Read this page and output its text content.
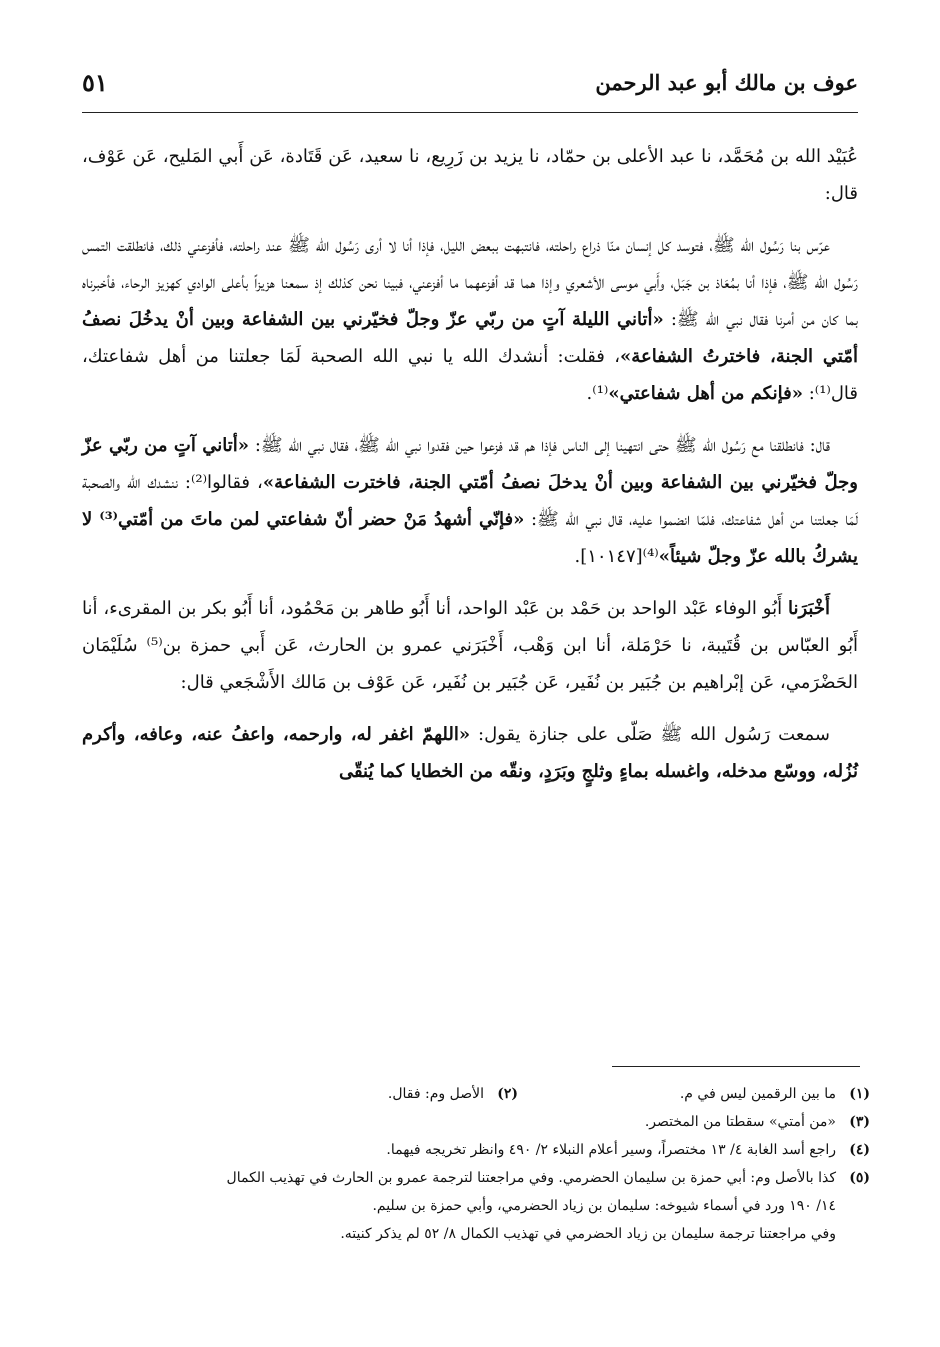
عوف بن مالك أبو عبد الرحمن
٥١

عُبَيْد الله بن مُحَمَّد، نا عبد الأعلى بن حمّاد، نا يزيد بن زَرِيع، نا سعيد، عَن قَتَادة، عَن أَبي المَليح، عَن عَوْف، قال:

عرّس بنا رَسُول الله ﷺ، فتوسد كل إنسان منّا ذراع راحلته، فانتبهت ببعض الليل، فإذا أنا لا أرى رَسُول الله ﷺ عند راحلته، فأفزعني ذلك، فانطلقت التمس رَسُول الله ﷺ، فإذا أنا بمُعَاذ بن جَبَل، وأَبي موسى الأشعري وإذا هما قد أفزعهما ما أفزعني، فبينا نحن كذلك إذ سمعنا هزيزاً بأعلى الوادي كهزيز الرحاء، فأخبرناه بما كان من أمرنا فقال نبي الله ﷺ: «أتاني الليلة آتٍ من ربّي عزّ وجلّ فخيّرني بين الشفاعة وبين أنْ يدخُلَ نصفُ أمّتي الجنة، فاخترتُ الشفاعة»، فقلت: أنشدك الله يا نبي الله الصحبة لَمَا جعلتنا من أهل شفاعتك، قال⁽¹⁾: «فإنكم من أهل شفاعتي»⁽¹⁾.

قال: فانطلقنا مع رَسُول الله ﷺ حتى انتهينا إلى الناس فإذا هم قد فزعوا حين فقدوا نبي الله ﷺ، فقال نبي الله ﷺ: «أتاني آتٍ من ربّي عزّ وجلّ فخيّرني بين الشفاعة وبين أنْ يدخلَ نصفُ أمّتي الجنة، فاخترت الشفاعة»، فقالوا⁽²⁾: ننشدك الله والصحبة لَمَا جعلتنا من أهل شفاعتك، فلمّا انضموا عليه، قال نبي الله ﷺ: «فإنّي أشهدُ مَنْ حضر أنّ شفاعتي لمن ماتَ من أمّتي⁽³⁾ لا يشركُ بالله عزّ وجلّ شيئاً»⁽⁴⁾[١٠١٤٧].

أَخْبَرَنا أَبُو الوفاء عَبْد الواحد بن حَمْد بن عَبْد الواحد، أنا أَبُو طاهر بن مَحْمُود، أنا أَبُو بكر بن المقرىء، أنا أَبُو العبّاس بن قُتَيبة، نا حَرْمَلة، أنا ابن وَهْب، أَخْبَرَني عمرو بن الحارث، عَن أَبي حمزة بن⁽⁵⁾ سُلَيْمَان الحَضْرَمي، عَن إبْراهيم بن جُبَير بن نُفَير، عَن جُبَير بن نُفَير، عَن عَوْف بن مَالك الأَشْجَعي قال:

سمعت رَسُول الله ﷺ صَلّى على جنازة يقول: «اللهمّ اغفر له، وارحمه، واعفُ عنه، وعافه، وأكرم نُزُله، ووسّع مدخله، واغسله بماءٍ وثلجٍ وبَرَدٍ، ونقّه من الخطايا كما يُنقّى

(١)
ما بين الرقمين ليس في م.
(٢)
الأصل وم: فقال.
(٣)
«من أمتي» سقطتا من المختصر.
(٤)
راجع أسد الغابة ٤/ ١٣ مختصراً، وسير أعلام النبلاء ٢/ ٤٩٠ وانظر تخريجه فيهما.
(٥)
كذا بالأصل وم: أبي حمزة بن سليمان الحضرمي. وفي مراجعتنا لترجمة عمرو بن الحارث في تهذيب الكمال
١٤/ ١٩٠ ورد في أسماء شيوخه: سليمان بن زياد الحضرمي، وأبي حمزة بن سليم.
وفي مراجعتنا ترجمة سليمان بن زياد الحضرمي في تهذيب الكمال ٨/ ٥٢ لم يذكر كنيته.
